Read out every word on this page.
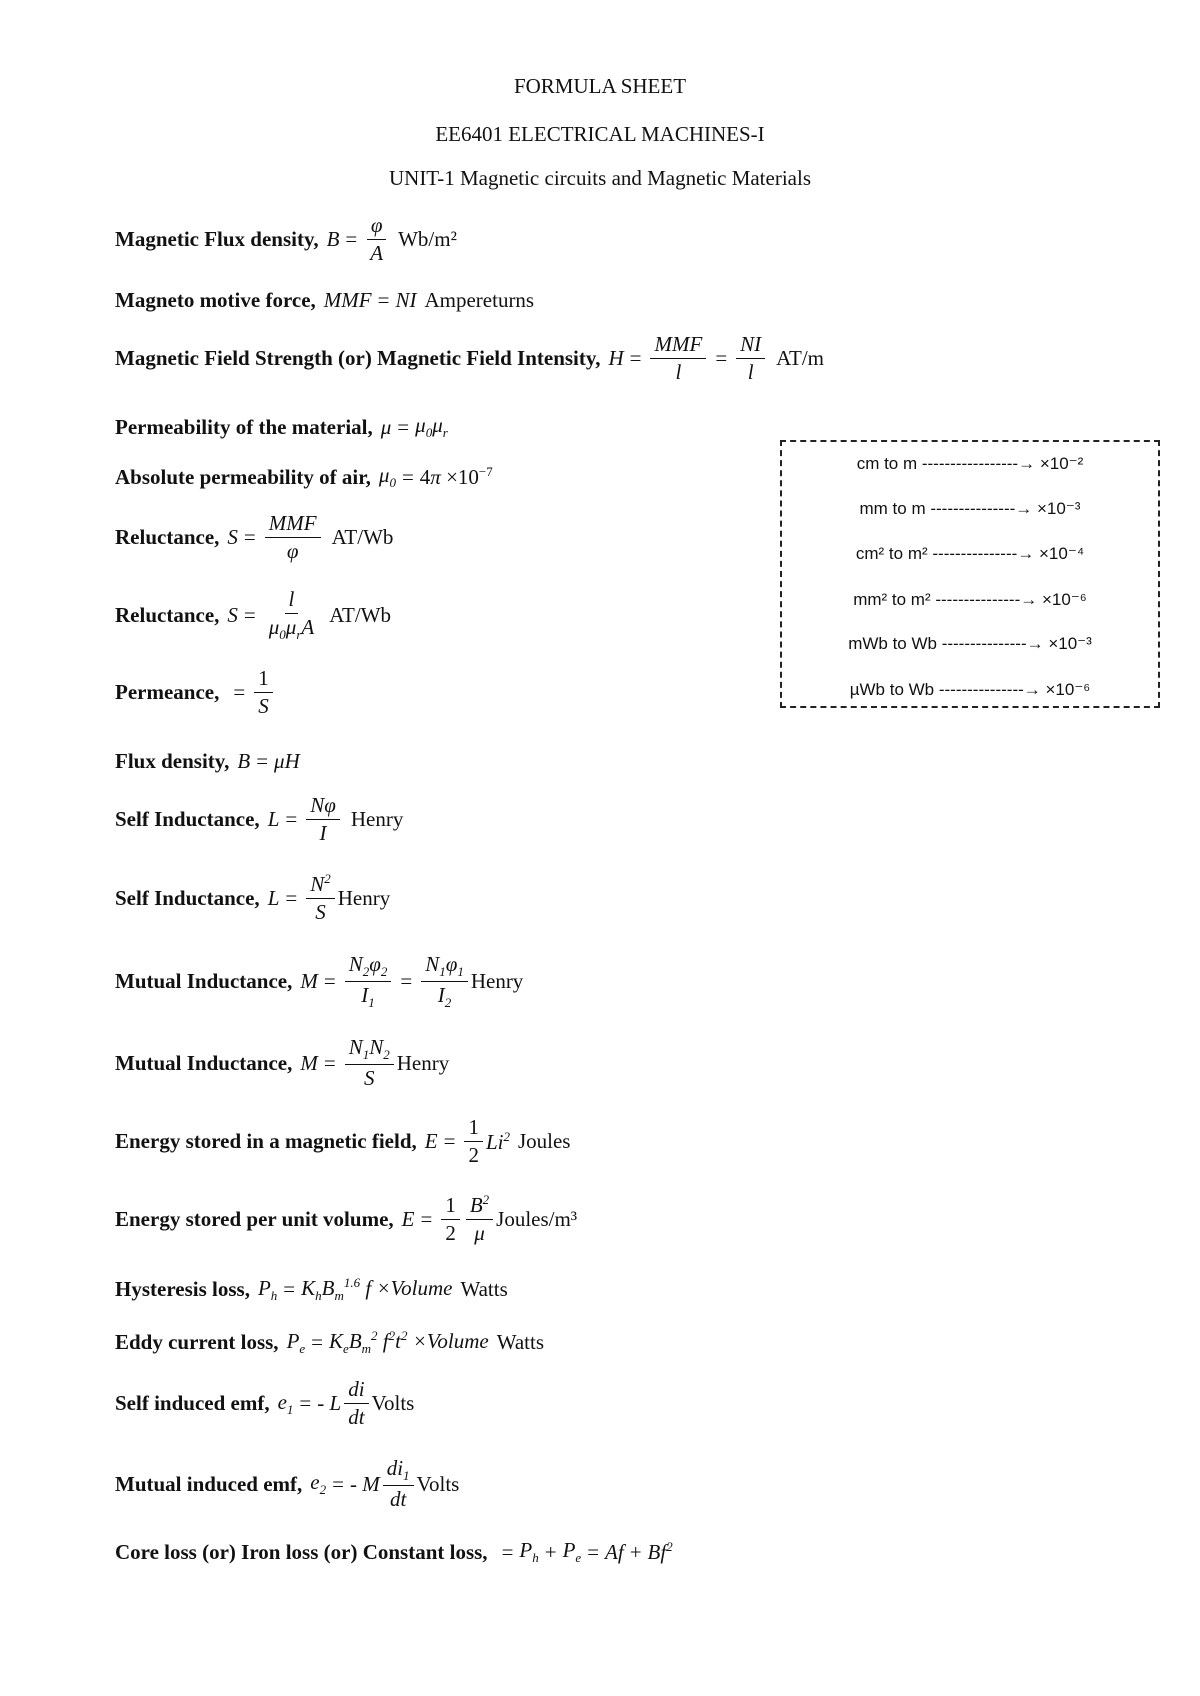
FORMULA SHEET
EE6401 ELECTRICAL MACHINES-I
UNIT-1 Magnetic circuits and Magnetic Materials
Magnetic Flux density, $B = \frac{\varphi}{A} Wb/m^2$
Magneto motive force, MMF = NI Ampereturns
Magnetic Field Strength (or) Magnetic Field Intensity, $H = \frac{\text{MMF}}{l} = \frac{NI}{l} AT/m$
Permeability of the material, $\mu = \mu_0\mu_r$
Absolute permeability of air, $\mu_0 = 4\pi \times 10^{-7}$
Reluctance, $S = \frac{\text{MMF}}{\varphi} AT/Wb$
Reluctance, $S = \frac{l}{\mu_0\mu_rA} AT/Wb$
Permeance, = $\frac{1}{S}$
Flux density, B = μH
Self Inductance, $L = \frac{N\varphi}{I}$ Henry
Self Inductance, $L = \frac{N^2}{S}$ Henry
Mutual Inductance, $M = \frac{N_2\varphi_2}{I_1} = \frac{N_1\varphi_1}{I_2}$ Henry
Mutual Inductance, $M = \frac{N_1N_2}{S}$ Henry
Energy stored in a magnetic field, $E = \frac{1}{2} Li^2$ Joules
Energy stored per unit volume, $E = \frac{1}{2} \frac{B^2}{\mu}$ Joules/m³
Hysteresis loss, $P_h = K_hB_m^{1.6}$ f ×Volume Watts
Eddy current loss, $P_e = K_eB_m^2$ $f^2t^2$ ×Volume Watts
Self induced emf, $e_1$ = - L $\frac{di}{dt}$ Volts
Mutual induced emf, $e_2$ = - M $\frac{di_1}{dt}$ Volts
Core loss (or) Iron loss (or) Constant loss, = $P_h + P_e = Af + Bf^2$
cm to m -----------------→ ×10⁻²
mm to m ---------------→ ×10⁻³
cm² to m² ---------------→ ×10⁻⁴
mm² to m² ---------------→ ×10⁻⁶
mWb to Wb ---------------→ ×10⁻³
µWb to Wb ---------------→ ×10⁻⁶
